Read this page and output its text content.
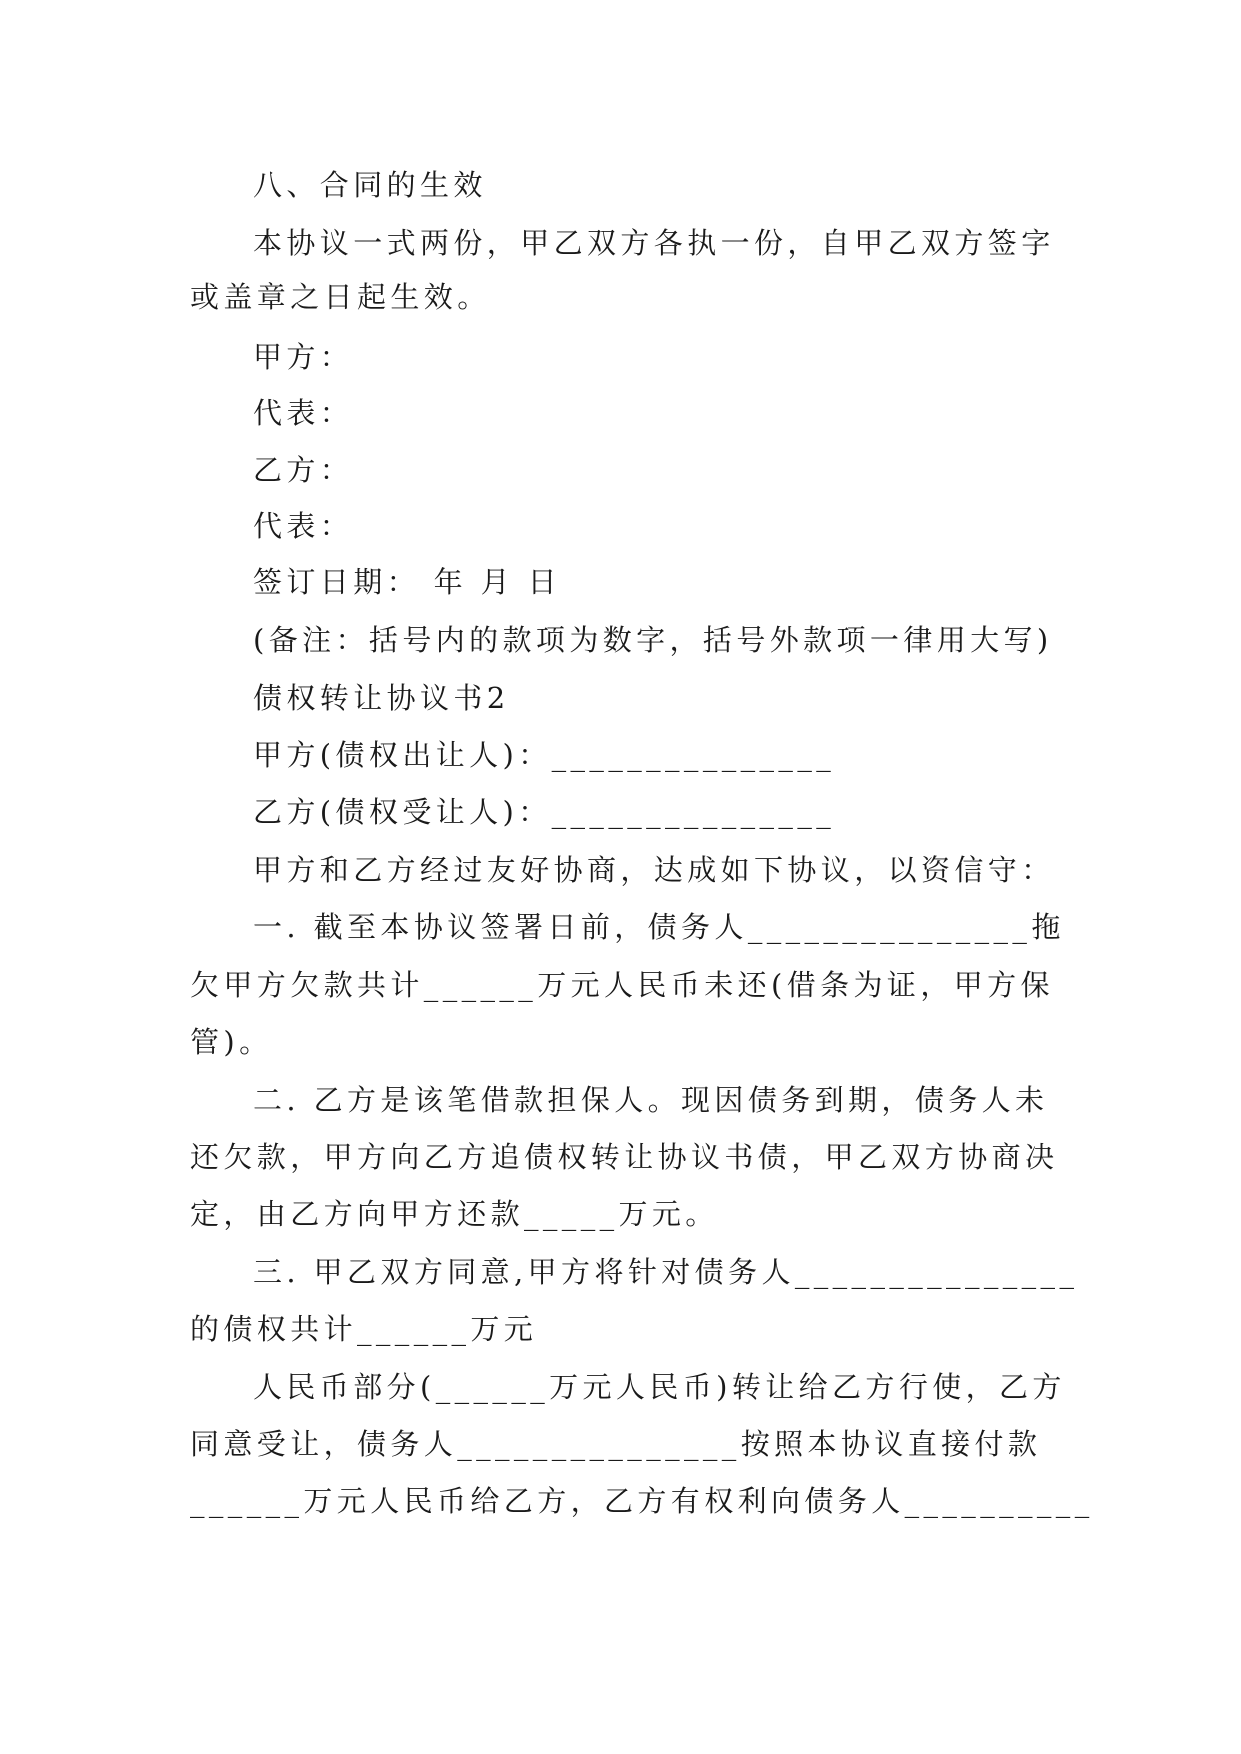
八、合同的生效
本协议一式两份，甲乙双方各执一份，自甲乙双方签字
或盖章之日起生效。
甲方：
代表：
乙方：
代表：
签订日期： 年 月 日
(备注：括号内的款项为数字，括号外款项一律用大写)
债权转让协议书2
甲方(债权出让人)：_______________
乙方(债权受让人)：_______________
甲方和乙方经过友好协商，达成如下协议，以资信守：
一. 截至本协议签署日前，债务人_______________拖
欠甲方欠款共计______万元人民币未还(借条为证，甲方保
管)。
二. 乙方是该笔借款担保人。现因债务到期，债务人未
还欠款，甲方向乙方追债权转让协议书债，甲乙双方协商决
定，由乙方向甲方还款_____万元。
三. 甲乙双方同意,甲方将针对债务人_______________
的债权共计______万元
人民币部分(______万元人民币)转让给乙方行使，乙方
同意受让，债务人_______________按照本协议直接付款
______万元人民币给乙方，乙方有权利向债务人__________
